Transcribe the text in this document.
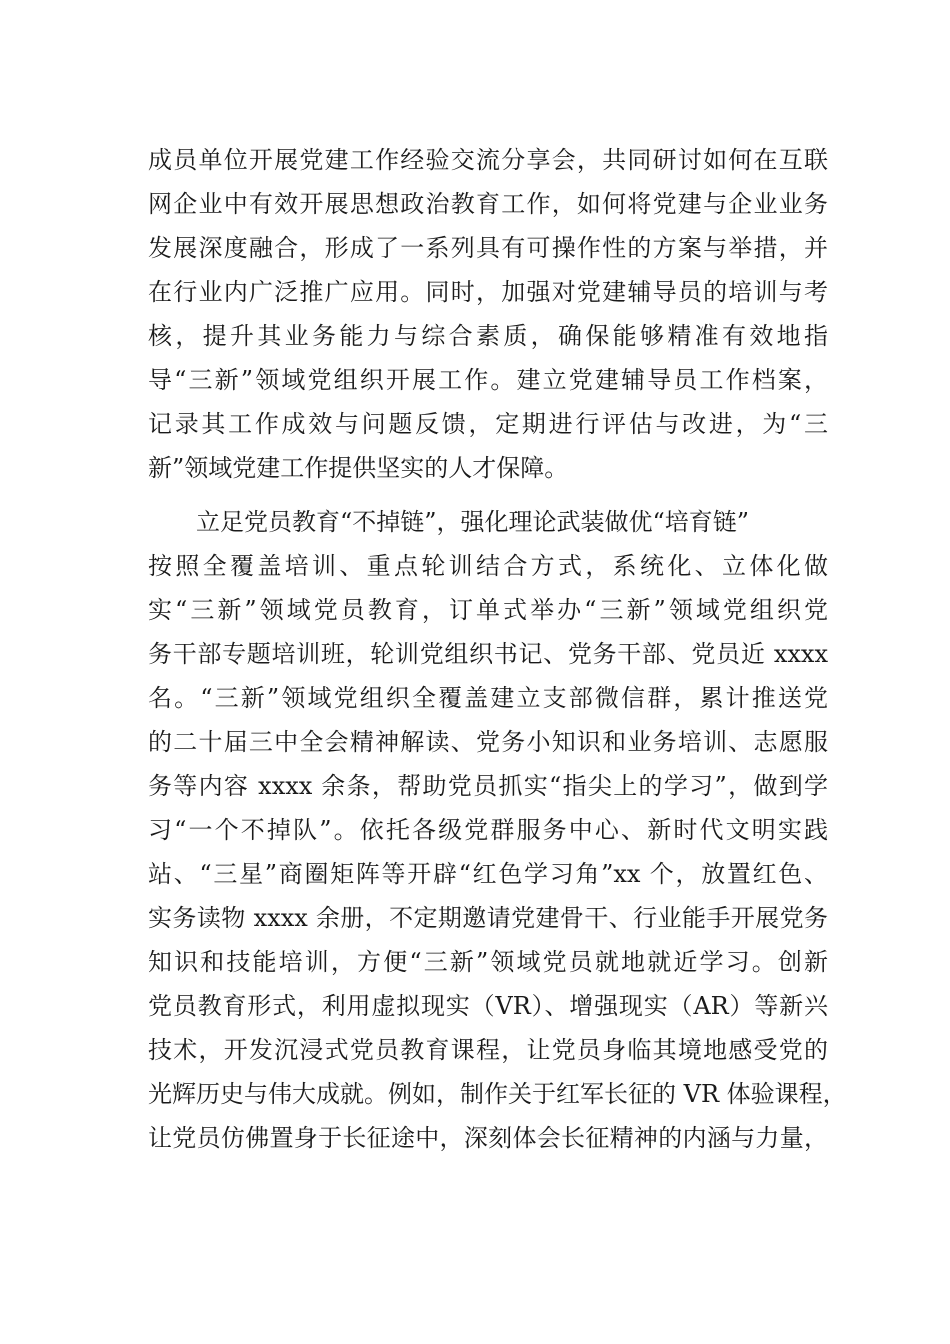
成员单位开展党建工作经验交流分享会，共同研讨如何在互联
网企业中有效开展思想政治教育工作，如何将党建与企业业务
发展深度融合，形成了一系列具有可操作性的方案与举措，并
在行业内广泛推广应用。同时，加强对党建辅导员的培训与考
核，提升其业务能力与综合素质，确保能够精准有效地指
导“三新”领域党组织开展工作。建立党建辅导员工作档案，
记录其工作成效与问题反馈，定期进行评估与改进，为“三
新”领域党建工作提供坚实的人才保障。
立足党员教育“不掉链”，强化理论武装做优“培育链”
按照全覆盖培训、重点轮训结合方式，系统化、立体化做
实“三新”领域党员教育，订单式举办“三新”领域党组织党
务干部专题培训班，轮训党组织书记、党务干部、党员近 xxxx
名。“三新”领域党组织全覆盖建立支部微信群，累计推送党
的二十届三中全会精神解读、党务小知识和业务培训、志愿服
务等内容 xxxx 余条，帮助党员抓实“指尖上的学习”，做到学
习“一个不掉队”。依托各级党群服务中心、新时代文明实践
站、“三星”商圈矩阵等开辟“红色学习角”xx 个，放置红色、
实务读物 xxxx 余册，不定期邀请党建骨干、行业能手开展党务
知识和技能培训，方便“三新”领域党员就地就近学习。创新
党员教育形式，利用虚拟现实（VR）、增强现实（AR）等新兴
技术，开发沉浸式党员教育课程，让党员身临其境地感受党的
光辉历史与伟大成就。例如，制作关于红军长征的 VR 体验课程，
让党员仿佛置身于长征途中，深刻体会长征精神的内涵与力量，
